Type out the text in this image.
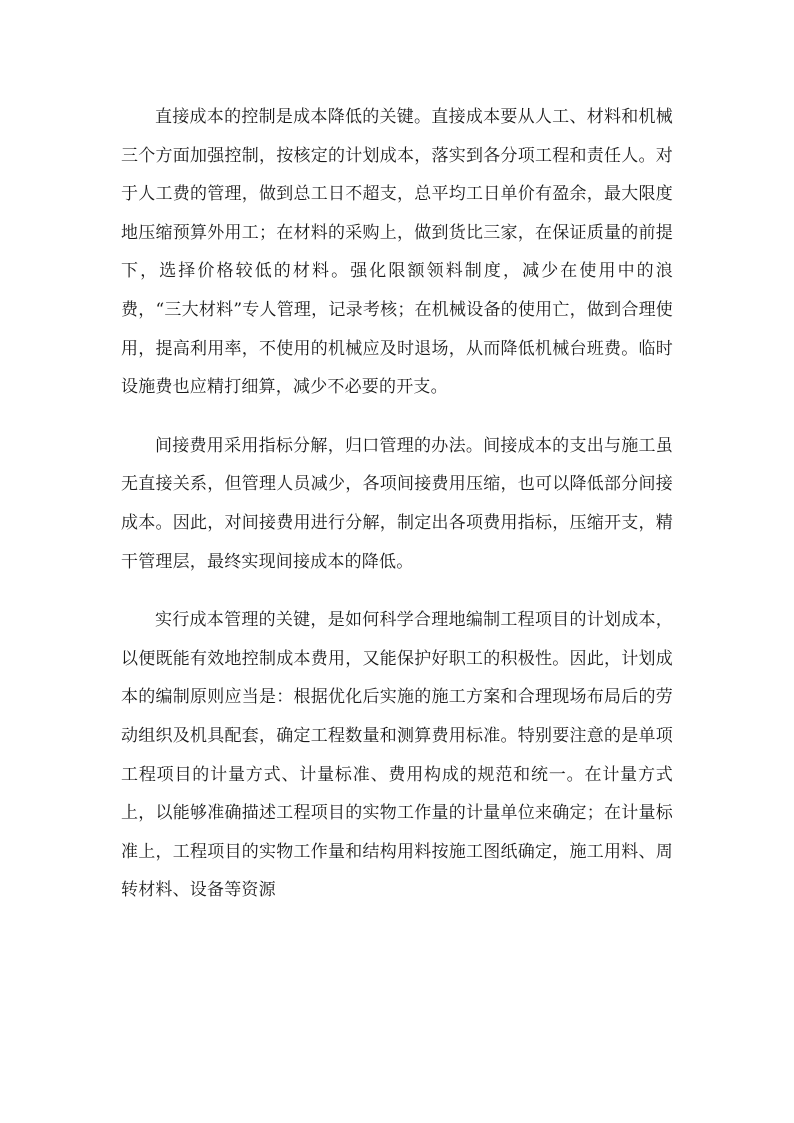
直接成本的控制是成本降低的关键。直接成本要从人工、材料和机械三个方面加强控制，按核定的计划成本，落实到各分项工程和责任人。对于人工费的管理，做到总工日不超支，总平均工日单价有盈余，最大限度地压缩预算外用工；在材料的采购上，做到货比三家，在保证质量的前提下，选择价格较低的材料。强化限额领料制度，减少在使用中的浪费，“三大材料”专人管理，记录考核；在机械设备的使用亡，做到合理使用，提高利用率，不使用的机械应及时退场，从而降低机械台班费。临时设施费也应精打细算，减少不必要的开支。

间接费用采用指标分解，归口管理的办法。间接成本的支出与施工虽无直接关系，但管理人员减少，各项间接费用压缩，也可以降低部分间接成本。因此，对间接费用进行分解，制定出各项费用指标，压缩开支，精干管理层，最终实现间接成本的降低。

实行成本管理的关键，是如何科学合理地编制工程项目的计划成本，以便既能有效地控制成本费用，又能保护好职工的积极性。因此，计划成本的编制原则应当是：根据优化后实施的施工方案和合理现场布局后的劳动组织及机具配套，确定工程数量和测算费用标准。特别要注意的是单项工程项目的计量方式、计量标准、费用构成的规范和统一。在计量方式上，以能够准确描述工程项目的实物工作量的计量单位来确定；在计量标准上，工程项目的实物工作量和结构用料按施工图纸确定，施工用料、周转材料、设备等资源
